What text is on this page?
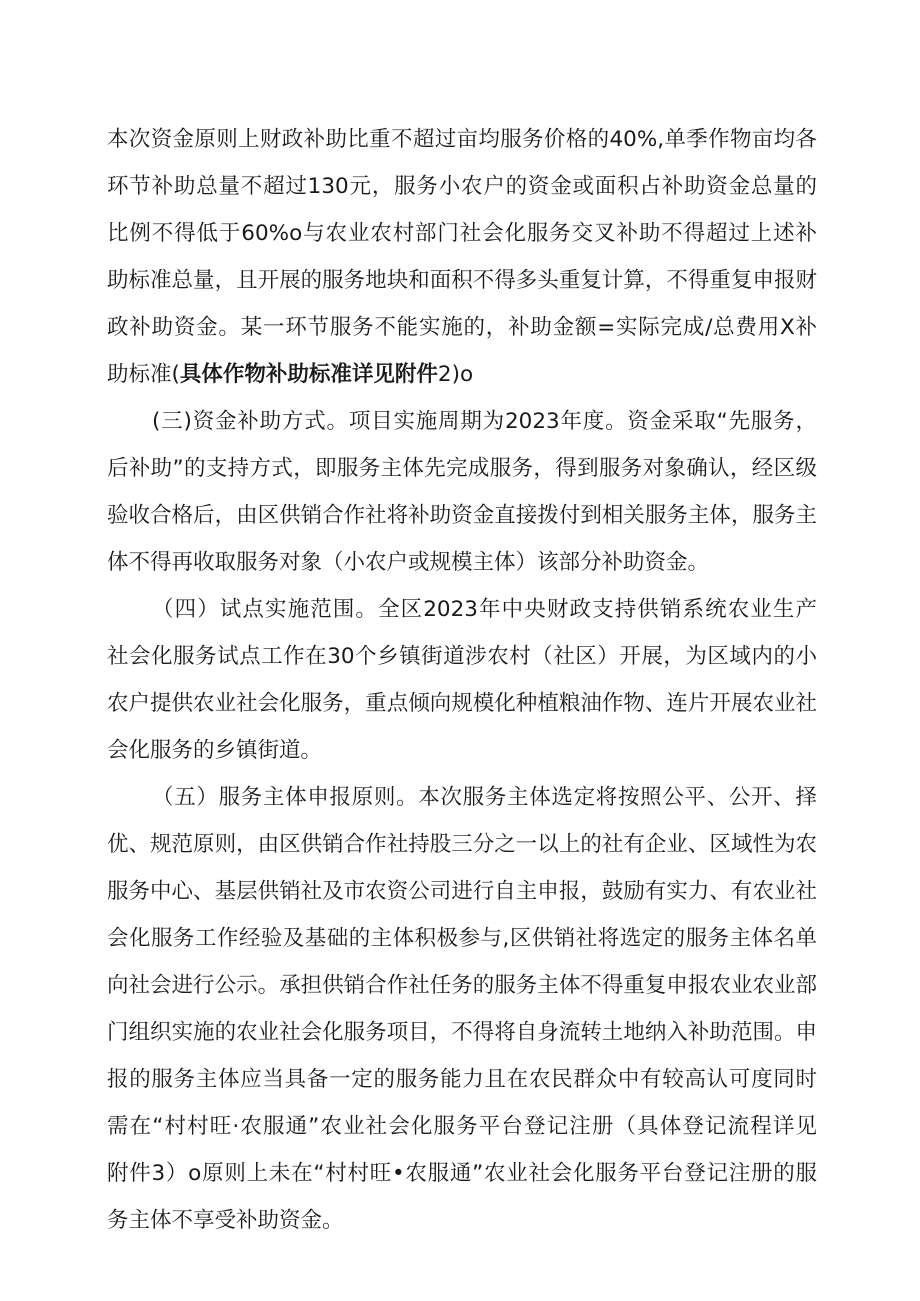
本次资金原则上财政补助比重不超过亩均服务价格的40%,单季作物亩均各
环节补助总量不超过130元，服务小农户的资金或面积占补助资金总量的
比例不得低于60%o与农业农村部门社会化服务交叉补助不得超过上述补
助标准总量，且开展的服务地块和面积不得多头重复计算，不得重复申报财
政补助资金。某一环节服务不能实施的，补助金额=实际完成/总费用X补
助标准(具体作物补助标准详见附件2)o
(三)资金补助方式。项目实施周期为2023年度。资金采取“先服务，
后补助”的支持方式，即服务主体先完成服务，得到服务对象确认，经区级
验收合格后，由区供销合作社将补助资金直接拨付到相关服务主体，服务主
体不得再收取服务对象（小农户或规模主体）该部分补助资金。
（四）试点实施范围。全区2023年中央财政支持供销系统农业生产
社会化服务试点工作在30个乡镇街道涉农村（社区）开展，为区域内的小
农户提供农业社会化服务，重点倾向规模化种植粮油作物、连片开展农业社
会化服务的乡镇街道。
（五）服务主体申报原则。本次服务主体选定将按照公平、公开、择
优、规范原则，由区供销合作社持股三分之一以上的社有企业、区域性为农
服务中心、基层供销社及市农资公司进行自主申报，鼓励有实力、有农业社
会化服务工作经验及基础的主体积极参与,区供销社将选定的服务主体名单
向社会进行公示。承担供销合作社任务的服务主体不得重复申报农业农业部
门组织实施的农业社会化服务项目，不得将自身流转土地纳入补助范围。申
报的服务主体应当具备一定的服务能力且在农民群众中有较高认可度同时
需在“村村旺·农服通”农业社会化服务平台登记注册（具体登记流程详见
附件3）o原则上未在“村村旺•农服通”农业社会化服务平台登记注册的服
务主体不享受补助资金。
